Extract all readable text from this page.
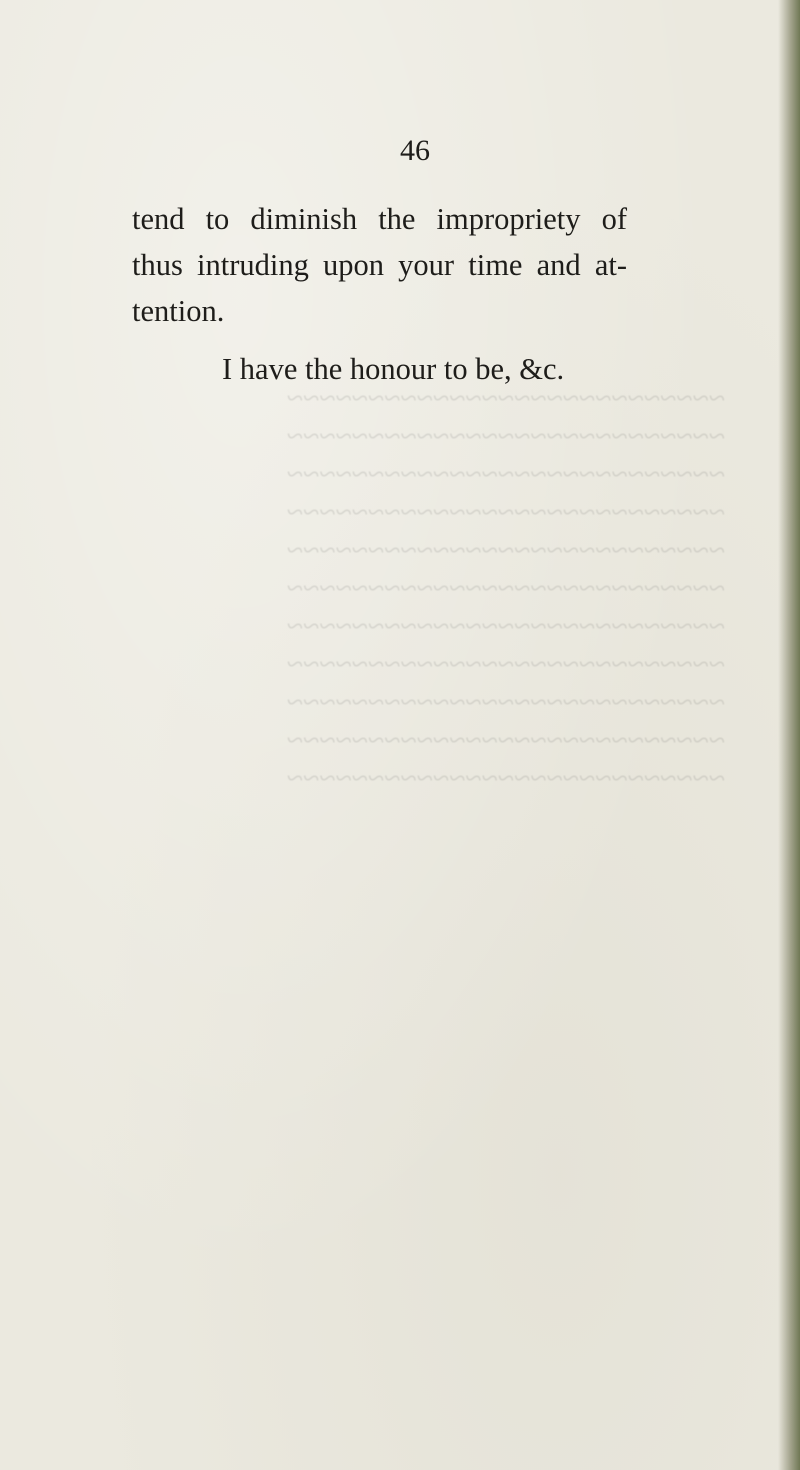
~~~~~~~~~~~~~~~~~~~~~~~~~~~
~~~~~~~~~~~~~~~~~~~~~~~~~~~
~~~~~~~~~~~~~~~~~~~~~~~~~~~
~~~~~~~~~~~~~~~~~~~~~~~~~~~
~~~~~~~~~~~~~~~~~~~~~~~~~~~
~~~~~~~~~~~~~~~~~~~~~~~~~~~
~~~~~~~~~~~~~~~~~~~~~~~~~~~
~~~~~~~~~~~~~~~~~~~~~~~~~~~
~~~~~~~~~~~~~~~~~~~~~~~~~~~
~~~~~~~~~~~~~~~~~~~~~~~~~~~
~~~~~~~~~~~~~~~~~~~~~~~~~~~
46
tend to diminish the impropriety of
thus intruding upon your time and at-
tention.
I have the honour to be, &c.
